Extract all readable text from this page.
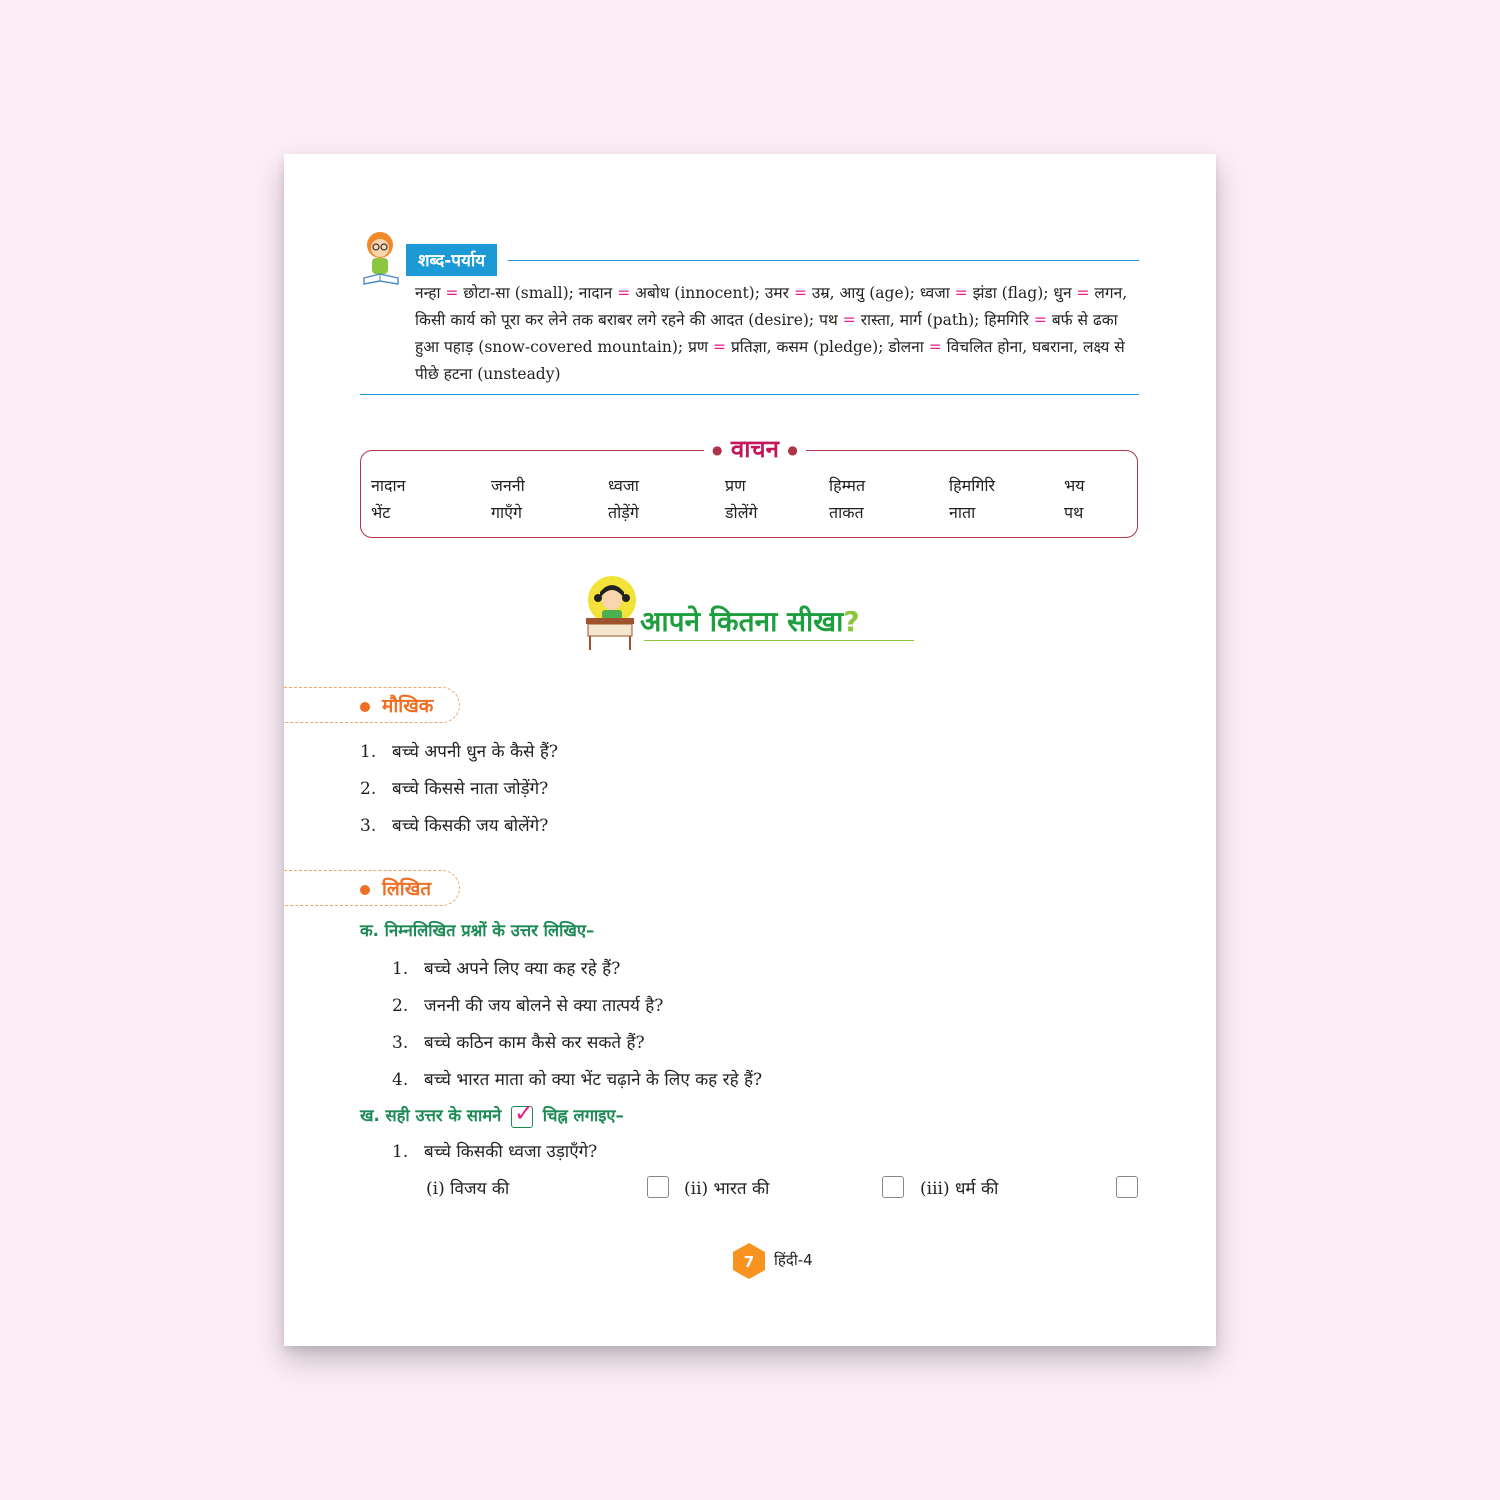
शब्द-पर्याय
नन्हा = छोटा-सा (small); नादान = अबोध (innocent); उमर = उम्र, आयु (age); ध्वजा = झंडा (flag); धुन = लगन, किसी कार्य को पूरा कर लेने तक बराबर लगे रहने की आदत (desire); पथ = रास्ता, मार्ग (path); हिमगिरि = बर्फ से ढका हुआ पहाड़ (snow-covered mountain); प्रण = प्रतिज्ञा, कसम (pledge); डोलना = विचलित होना, घबराना, लक्ष्य से पीछे हटना (unsteady)
● वाचन ●
नादान
भेंट
जननी
गाएँगे
ध्वजा
तोड़ेंगे
प्रण
डोलेंगे
हिम्मत
ताकत
हिमगिरि
नाता
भय
पथ
आपने कितना सीखा?
मौखिक
1. बच्चे अपनी धुन के कैसे हैं?
2. बच्चे किससे नाता जोड़ेंगे?
3. बच्चे किसकी जय बोलेंगे?
लिखित
क. निम्नलिखित प्रश्नों के उत्तर लिखिए–
1. बच्चे अपने लिए क्या कह रहे हैं?
2. जननी की जय बोलने से क्या तात्पर्य है?
3. बच्चे कठिन काम कैसे कर सकते हैं?
4. बच्चे भारत माता को क्या भेंट चढ़ाने के लिए कह रहे हैं?
ख. सही उत्तर के सामने ✓ चिह्न लगाइए–
1. बच्चे किसकी ध्वजा उड़ाएँगे?
(i) विजय की	(ii) भारत की	(iii) धर्म की
7 हिंदी-4
